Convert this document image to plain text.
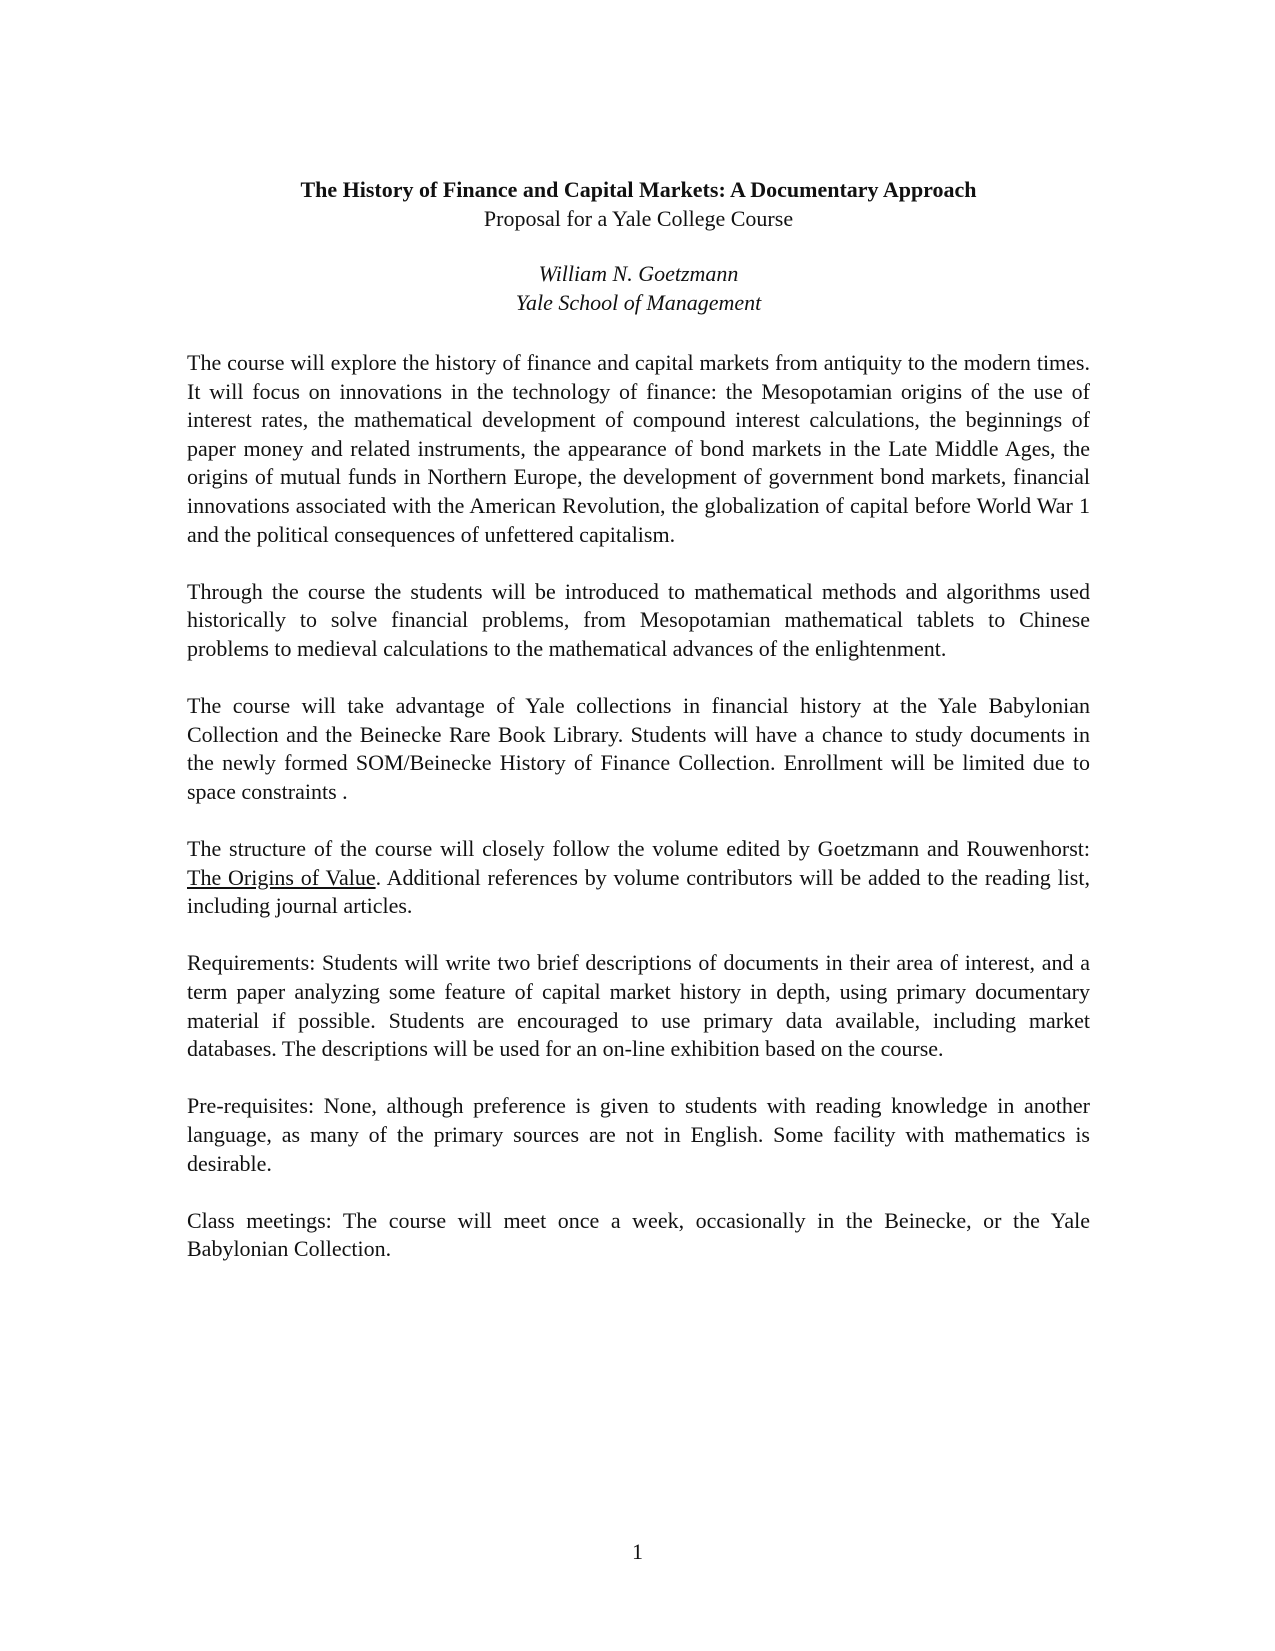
The History of Finance and Capital Markets: A Documentary Approach
Proposal for a Yale College Course
William N. Goetzmann
Yale School of Management

The course will explore the history of finance and capital markets from antiquity to the modern times. It will focus on innovations in the technology of finance: the Mesopotamian origins of the use of interest rates, the mathematical development of compound interest calculations, the beginnings of paper money and related instruments, the appearance of bond markets in the Late Middle Ages, the origins of mutual funds in Northern Europe, the development of government bond markets, financial innovations associated with the American Revolution, the globalization of capital before World War 1 and the political consequences of unfettered capitalism.

Through the course the students will be introduced to mathematical methods and algorithms used historically to solve financial problems, from Mesopotamian mathematical tablets to Chinese problems to medieval calculations to the mathematical advances of the enlightenment.

The course will take advantage of Yale collections in financial history at the Yale Babylonian Collection and the Beinecke Rare Book Library. Students will have a chance to study documents in the newly formed SOM/Beinecke History of Finance Collection. Enrollment will be limited due to space constraints .

The structure of the course will closely follow the volume edited by Goetzmann and Rouwenhorst: The Origins of Value. Additional references by volume contributors will be added to the reading list, including journal articles.

Requirements: Students will write two brief descriptions of documents in their area of interest, and a term paper analyzing some feature of capital market history in depth, using primary documentary material if possible. Students are encouraged to use primary data available, including market databases. The descriptions will be used for an on-line exhibition based on the course.

Pre-requisites: None, although preference is given to students with reading knowledge in another language, as many of the primary sources are not in English. Some facility with mathematics is desirable.

Class meetings: The course will meet once a week, occasionally in the Beinecke, or the Yale Babylonian Collection.

1
